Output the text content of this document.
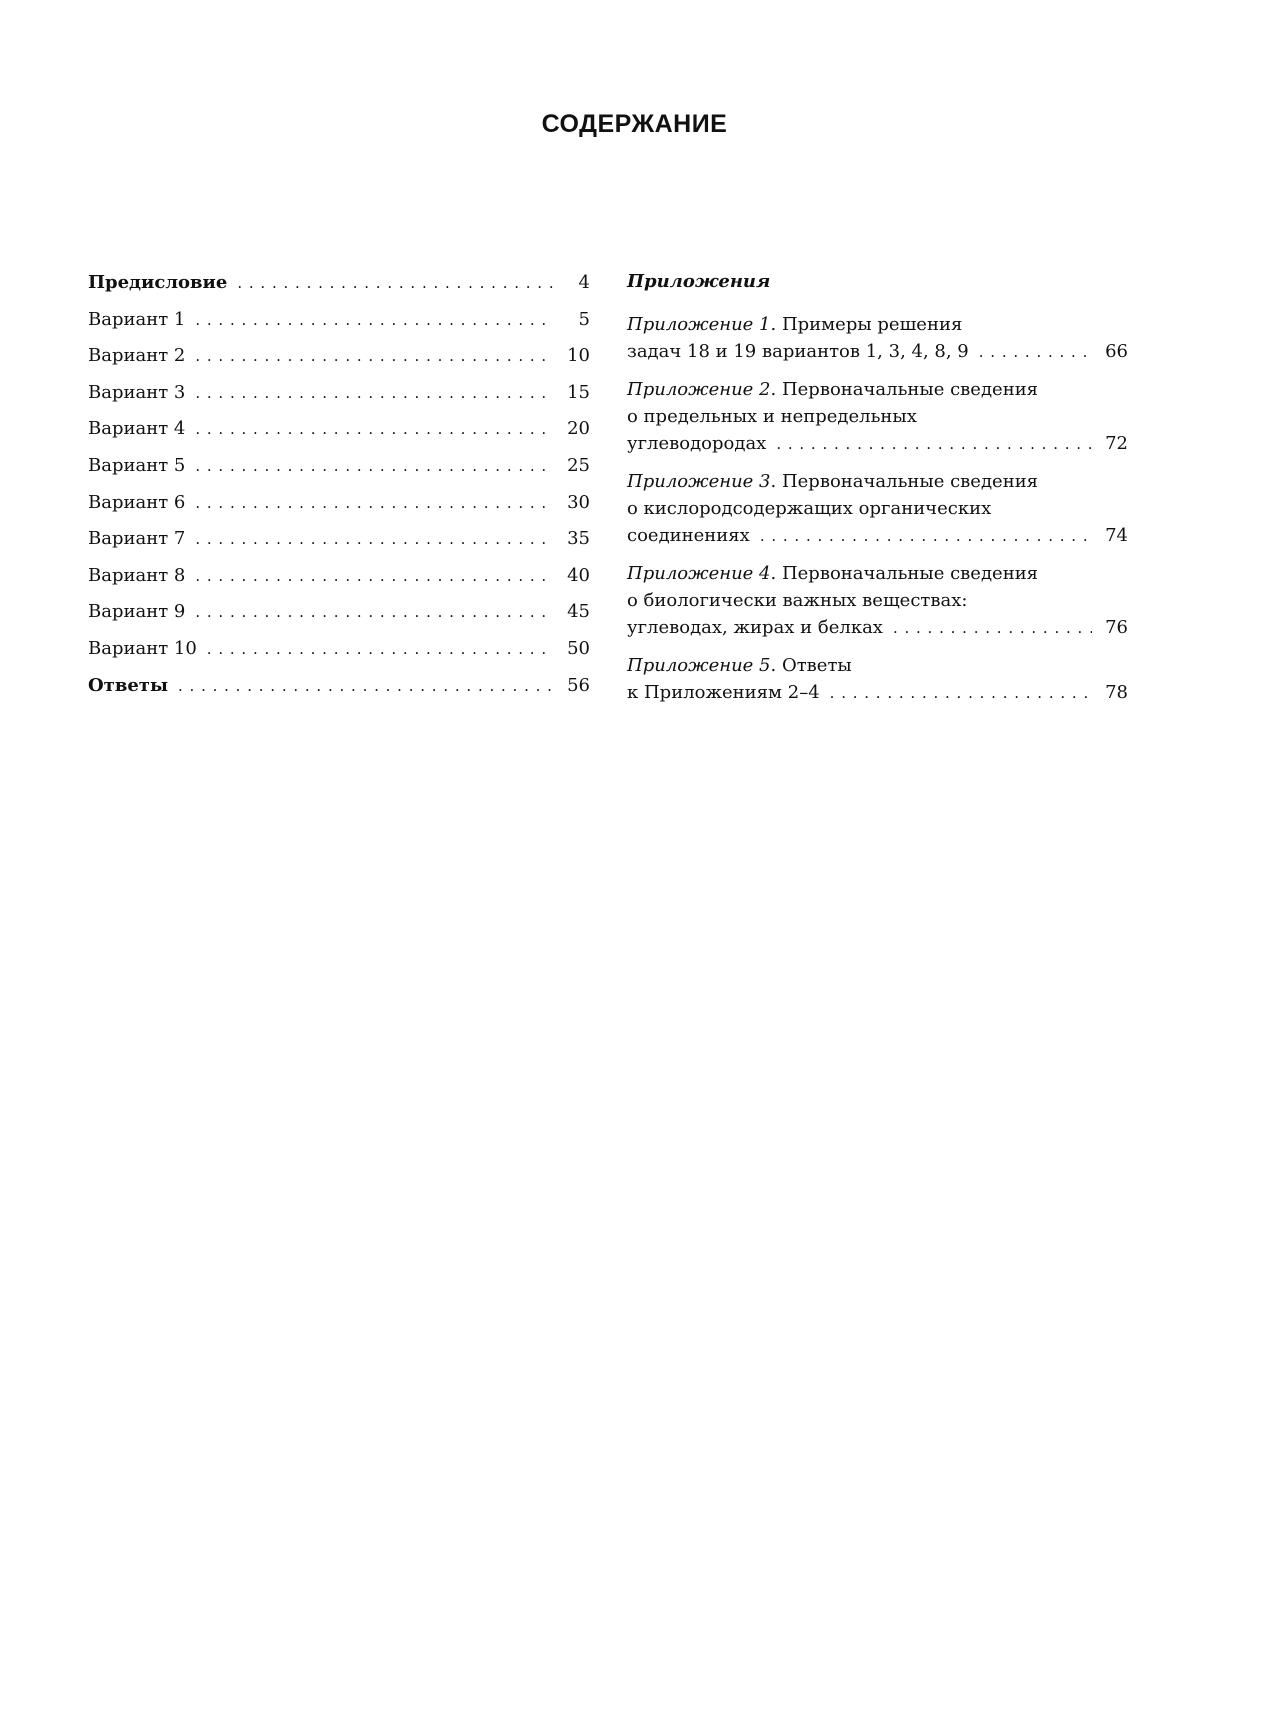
СОДЕРЖАНИЕ
Предисловие . . .	4
Вариант 1 . . .	5
Вариант 2 . . .	10
Вариант 3 . . .	15
Вариант 4 . . .	20
Вариант 5 . . .	25
Вариант 6 . . .	30
Вариант 7 . . .	35
Вариант 8 . . .	40
Вариант 9 . . .	45
Вариант 10 . . .	50
Ответы . . .	56
Приложения
Приложение 1. Примеры решения
задач 18 и 19 вариантов 1, 3, 4, 8, 9 . . .	66
Приложение 2. Первоначальные сведения
о предельных и непредельных
углеводородах . . .	72
Приложение 3. Первоначальные сведения
о кислородсодержащих органических
соединениях . . .	74
Приложение 4. Первоначальные сведения
о биологически важных веществах:
углеводах, жирах и белках . . .	76
Приложение 5. Ответы
к Приложениям 2–4 . . .	78
